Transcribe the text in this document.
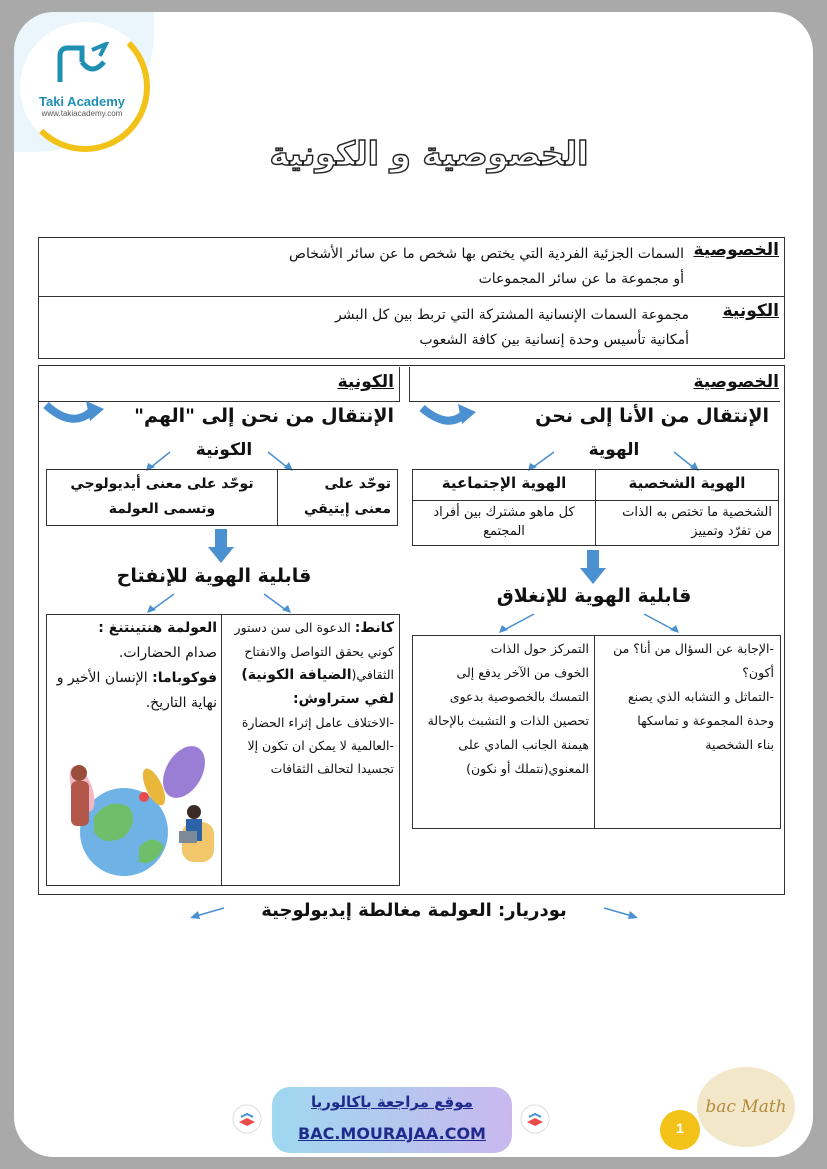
Taki Academy
www.takiacademy.com
الخصوصية و الكونية
الخصوصية
السمات الجزئية الفردية التي يختص بها شخص ما عن سائر الأشخاص
أو مجموعة ما عن سائر المجموعات
الكونية
مجموعة السمات الإنسانية المشتركة التي تربط بين كل البشر
أمكانية تأسيس وحدة إنسانية بين كافة الشعوب
الخصوصية
الإنتقال من الأنا إلى نحن
الهوية
الهوية الشخصية
الهوية الإجتماعية
الشخصية ما تختص به الذات من تفرّد وتمييز
كل ماهو مشترك بين أفراد المجتمع
قابلية الهوية للإنغلاق
-الإجابة عن السؤال من أنا؟ من أكون؟
-التماثل و التشابه الذي يصنع وحدة المجموعة و تماسكها
بناء الشخصية
التمركز حول الذات
الخوف من الآخر يدفع إلى التمسك بالخصوصية بدعوى تحصين الذات و التشبث بالإحالة
هيمنة الجانب المادي على المعنوي(نتملك أو نكون)
الكونية
الإنتقال من نحن إلى "الهم"
الكونية
توحّد على معنى إيتيقي
توحّد على معنى أيديولوجي وتسمى العولمة
قابلية الهوية للإنفتاح
كانط: الدعوة الى سن دستور كوني يحقق التواصل والانفتاح الثقافي(الضيافة الكونية)
لفي ستراوش:
-الاختلاف عامل إثراء الحضارة
-العالمية لا يمكن ان تكون إلا تجسيدا لتحالف الثقافات
العولمة هنتينتنغ :
صدام الحضارات.
فوكوباما: الإنسان الأخير و نهاية التاريخ.
بودريار: العولمة مغالطة إيديولوجية
موقع مراجعة باكالوريا
BAC.MOURAJAA.COM	1
bac Math
